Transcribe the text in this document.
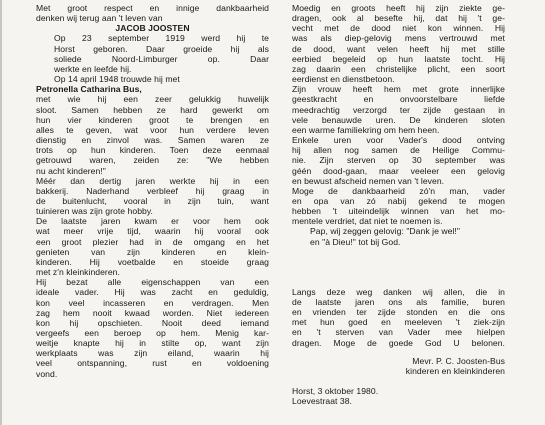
Met groot respect en innige dankbaarheid
denken wij terug aan 't leven van
JACOB JOOSTEN
Op 23 september 1919 werd hij te
Horst geboren. Daar groeide hij als
soliede Noord-Limburger op. Daar
werkte en leefde hij.
Op 14 april 1948 trouwde hij met
Petronella Catharina Bus,
met wie hij een zeer gelukkig huwelijk
sloot. Samen hebben ze hard gewerkt om
hun vier kinderen groot te brengen en
alles te geven, wat voor hun verdere leven
dienstig en zinvol was. Samen waren ze
trots op hun kinderen. Toen deze eenmaal
getrouwd waren, zeiden ze: "We hebben
nu acht kinderen!"
Méér dan dertig jaren werkte hij in een
bakkerij. Naderhand verbleef hij graag in
de buitenlucht, vooral in zijn tuin, want
tuinieren was zijn grote hobby.
De laatste jaren kwam er voor hem ook
wat meer vrije tijd, waarin hij vooral ook
een groot plezier had in de omgang en het
genieten van zijn kinderen en klein-
kinderen. Hij voetbalde en stoeide graag
met z'n kleinkinderen.
Hij bezat alle eigenschappen van een
ideale vader. Hij was zacht en geduldig,
kon veel incasseren en verdragen. Men
zag hem nooit kwaad worden. Niet iedereen
kon hij opschieten. Nooit deed iemand
vergeefs een beroep op hem. Menig kar-
weitje knapte hij in stilte op, want zijn
werkplaats was zijn eiland, waarin hij
veel ontspanning, rust en voldoening
vond.
Moedig en groots heeft hij zijn ziekte ge-
dragen, ook al besefte hij, dat hij 't ge-
vecht met de dood niet kon winnen. Hij
was als diep-gelovig mens vertrouwd met
de dood, want velen heeft hij met stille
eerbied begeleid op hun laatste tocht. Hij
zag daarin een christelijke plicht, een soort
eerdienst en dienstbetoon.
Zijn vrouw heeft hem met grote innerlijke
geestkracht en onvoorstelbare liefde
meedrachtig verzorgd ter zijde gestaan in
vele benauwde uren. De kinderen sloten
een warme familiekring om hem heen.
Enkele uren voor Vader's dood ontving
hij allen nog samen de Heilige Commu-
nie. Zijn sterven op 30 september was
géén dood-gaan, maar veeleer een gelovig
en bewust afscheid nemen van 't leven.
Moge de dankbaarheid zó'n man, vader
en opa van zó nabij gekend te mogen
hebben 't uiteindelijk winnen van het mo-
mentele verdriet, dat niet te noemen is.
Pap, wij zeggen gelovig: "Dank je wel!"
en "à Dieu!" tot bij God.
Langs deze weg danken wij allen, die in
de laatste jaren ons als familie, buren
en vrienden ter zijde stonden en die ons
met hun goed en meeleven 't ziek-zijn
en 't sterven van Vader mee hielpen
dragen. Moge de goede God U belonen.
Mevr. P. C. Joosten-Bus
kinderen en kleinkinderen
Horst, 3 oktober 1980.
Loevestraat 38.
